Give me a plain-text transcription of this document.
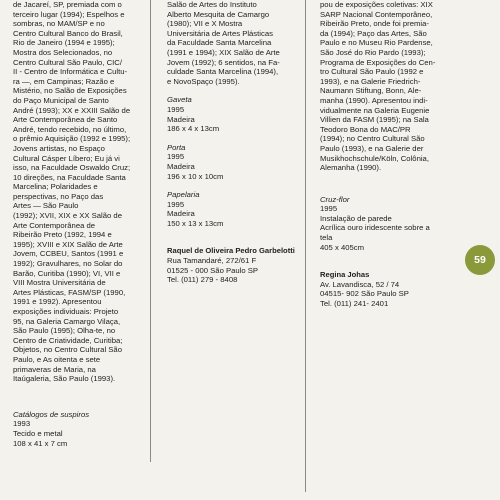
de Jacareí, SP, premiada com o
terceiro lugar (1994); Espelhos e
sombras, no MAM/SP e no
Centro Cultural Banco do Brasil,
Rio de Janeiro (1994 e 1995);
Mostra dos Selecionados, no
Centro Cultural São Paulo, CIC/
II - Centro de Informática e Cultu-
ra —, em Campinas; Razão e
Mistério, no Salão de Exposições
do Paço Municipal de Santo
André (1993); XX e XXIII Salão de
Arte Contemporânea de Santo
André, tendo recebido, no último,
o prêmio Aquisição (1992 e 1995);
Jovens artistas, no Espaço
Cultural Cásper Líbero; Eu já vi
isso, na Faculdade Oswaldo Cruz;
10 direções, na Faculdade Santa
Marcelina; Polaridades e
perspectivas, no Paço das
Artes — São Paulo
(1992); XVII, XIX e XX Salão de
Arte Contemporânea de
Ribeirão Preto (1992, 1994 e
1995); XVIII e XIX Salão de Arte
Jovem, CCBEU, Santos (1991 e
1992); Gravulhares, no Solar do
Barão, Curitiba (1990); VI, VII e
VIII Mostra Universitária de
Artes Plásticas, FASM/SP (1990,
1991 e 1992). Apresentou
exposições individuais: Projeto
95, na Galeria Camargo Vilaça,
São Paulo (1995); Olha-te, no
Centro de Criatividade, Curitiba;
Objetos, no Centro Cultural São
Paulo, e As oitenta e sete
primaveras de Maria, na
Itaúgaleria, São Paulo (1993).
Catálogos de suspiros
1993
Tecido e metal
108 x 41 x 7 cm
Salão de Artes do Instituto
Alberto Mesquita de Camargo
(1980); VII e X Mostra
Universitária de Artes Plásticas
da Faculdade Santa Marcelina
(1991 e 1994); XIX Salão de Arte
Jovem (1992); 6 sentidos, na Fa-
culdade Santa Marcelina (1994),
e NovoSpaço (1995).
Gaveta
1995
Madeira
186 x 4 x 13cm
Porta
1995
Madeira
196 x 10 x 10cm
Papelaria
1995
Madeira
150 x 13 x 13cm
Raquel de Oliveira Pedro Garbelotti
Rua Tamandaré, 272/61 F
01525 - 000 São Paulo SP
Tel. (011) 279 - 8408
pou de exposições coletivas: XIX
SARP Nacional Contemporâneo,
Ribeirão Preto, onde foi premia-
da (1994); Paço das Artes, São
Paulo e no Museu Rio Pardense,
São José do Rio Pardo (1993);
Programa de Exposições do Cen-
tro Cultural São Paulo (1992 e
1993), e na Galerie Friedrich-
Naumann Stiftung, Bonn, Ale-
manha (1990). Apresentou indi-
vidualmente na Galeria Eugenie
Villien da FASM (1995); na Sala
Teodoro Bona do MAC/PR
(1994); no Centro Cultural São
Paulo (1993), e na Galerie der
Musikhochschule/Köln, Colônia,
Alemanha (1990).
Cruz-flor
1995
Instalação de parede
Acrílica ouro iridescente sobre a
tela
405 x 405cm
Regina Johas
Av. Lavandisca, 52 / 74
04515- 902 São Paulo SP
Tel. (011) 241- 2401
59
